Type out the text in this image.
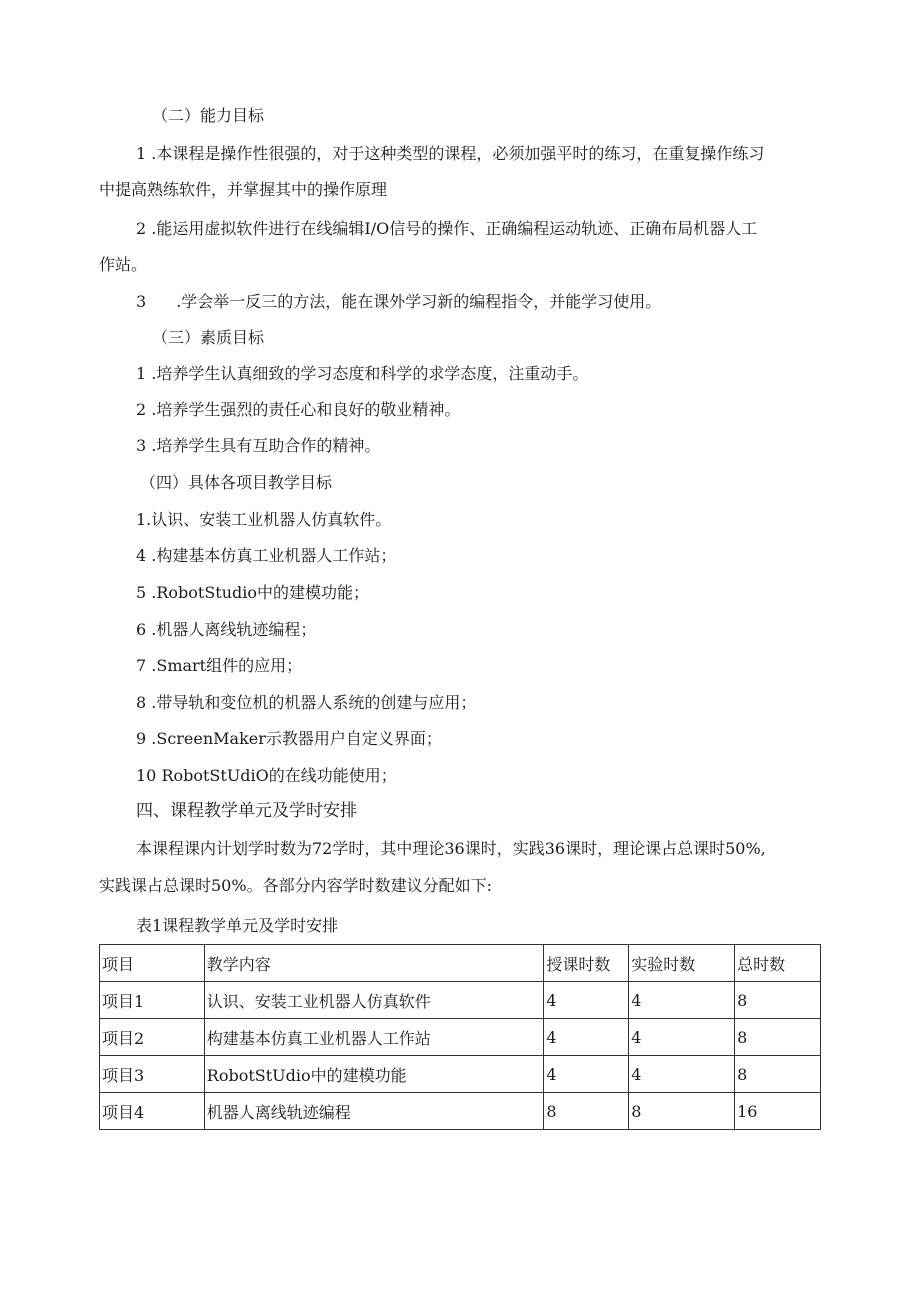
（二）能力目标
1 .本课程是操作性很强的，对于这种类型的课程，必须加强平时的练习，在重复操作练习
中提高熟练软件，并掌握其中的操作原理
2 .能运用虚拟软件进行在线编辑I/O信号的操作、正确编程运动轨迹、正确布局机器人工
作站。
3 .学会举一反三的方法，能在课外学习新的编程指令，并能学习使用。
（三）素质目标
1 .培养学生认真细致的学习态度和科学的求学态度，注重动手。
2 .培养学生强烈的责任心和良好的敬业精神。
3 .培养学生具有互助合作的精神。
（四）具体各项目教学目标
1.认识、安装工业机器人仿真软件。
4 .构建基本仿真工业机器人工作站；
5 .RobotStudio中的建模功能；
6 .机器人离线轨迹编程；
7 .Smart组件的应用；
8 .带导轨和变位机的机器人系统的创建与应用；
9 .ScreenMaker示教器用户自定义界面；
10 RobotStUdiO的在线功能使用；
四、课程教学单元及学时安排
本课程课内计划学时数为72学时，其中理论36课时，实践36课时，理论课占总课时50%,
实践课占总课时50%。各部分内容学时数建议分配如下:
表1课程教学单元及学时安排
项目	教学内容	授课时数	实验时数	总时数
项目1	认识、安装工业机器人仿真软件	4	4	8
项目2	构建基本仿真工业机器人工作站	4	4	8
项目3	RobotStUdio中的建模功能	4	4	8
项目4	机器人离线轨迹编程	8	8	16
